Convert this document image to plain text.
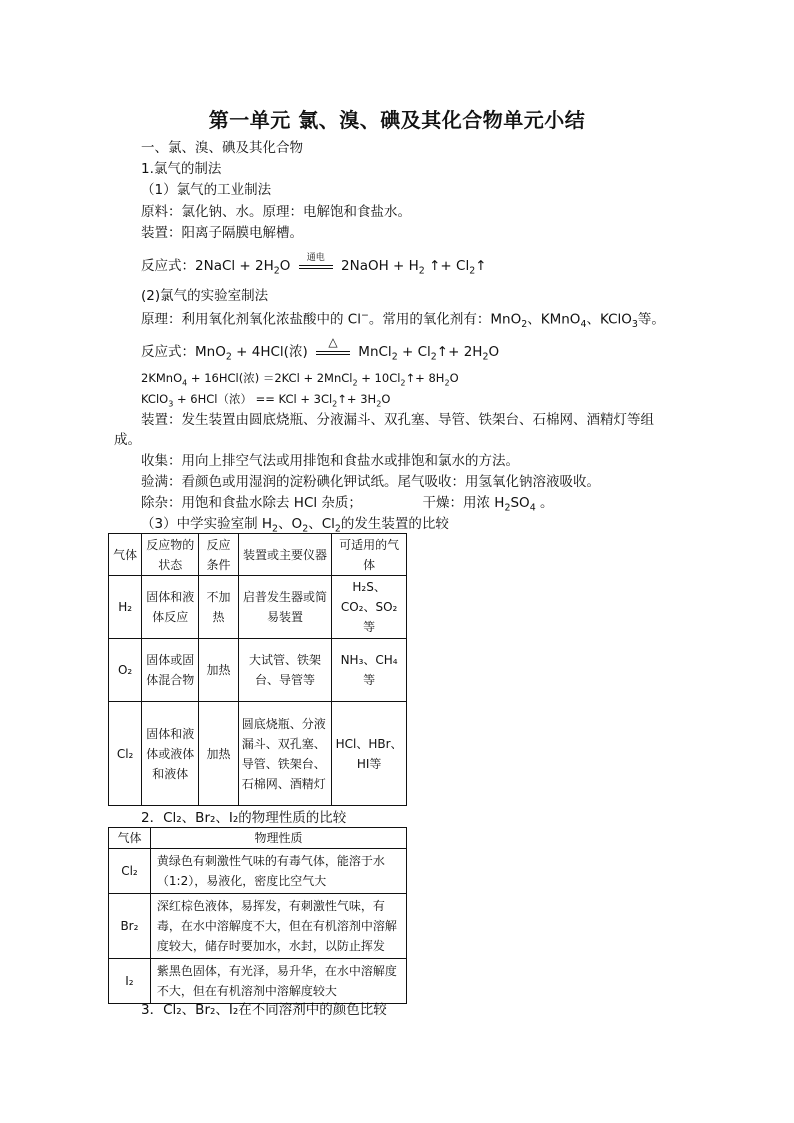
第一单元 氯、溴、碘及其化合物单元小结
一、氯、溴、碘及其化合物
1.氯气的制法
（1）氯气的工业制法
原料：氯化钠、水。原理：电解饱和食盐水。
装置：阳离子隔膜电解槽。
反应式：2NaCl + $2H_2O$	通电 2NaOH + $H_2$ ↑+ $Cl_2↑$
(2)氯气的实验室制法
原理：利用氧化剂氧化浓盐酸中的 Cl−。常用的氧化剂有：MnO$_2$、KMnO$_4$、KClO$_3$等。
反应式：MnO$_2$ + 4HCl(浓)
△
MnCl$_2$ + $Cl_2↑+ 2H_2O$
2KMnO$_4$ + 16HCl(浓) ＝2KCl + 2MnCl$_2$ + $10Cl_2↑+ 8H_2O$
KClO$_3$ + 6HCl（浓） == KCl + $3Cl_2↑+ 3H_2O$
装置：发生装置由圆底烧瓶、分液漏斗、双孔塞、导管、铁架台、石棉网、酒精灯等组
成。
收集：用向上排空气法或用排饱和食盐水或排饱和氯水的方法。
验满：看颜色或用湿润的淀粉碘化钾试纸。尾气吸收：用氢氧化钠溶液吸收。
除杂：用饱和食盐水除去 HCl 杂质；	干燥：用浓 $H_2SO_4$ 。
（3）中学实验室制 $H_2$、$O_2$、$Cl_2$的发生装置的比较
气体	反应物的状态	反应条件	装置或主要仪器	可适用的气体
H₂	固体和液体反应	不加热	启普发生器或简易装置	H₂S、CO₂、SO₂等
O₂	固体或固体混合物	加热	大试管、铁架台、导管等	NH₃、CH₄等
Cl₂	固体和液体或液体和液体	加热	圆底烧瓶、分液漏斗、双孔塞、导管、铁架台、石棉网、酒精灯	HCl、HBr、HI等
2．Cl₂、Br₂、I₂的物理性质的比较
气体	物理性质
Cl₂	黄绿色有刺激性气味的有毒气体，能溶于水（1:2），易液化，密度比空气大
Br₂	深红棕色液体，易挥发，有刺激性气味，有毒，在水中溶解度不大，但在有机溶剂中溶解度较大，储存时要加水，水封，以防止挥发
I₂	紫黑色固体，有光泽，易升华，在水中溶解度不大，但在有机溶剂中溶解度较大
3．Cl₂、Br₂、I₂在不同溶剂中的颜色比较
